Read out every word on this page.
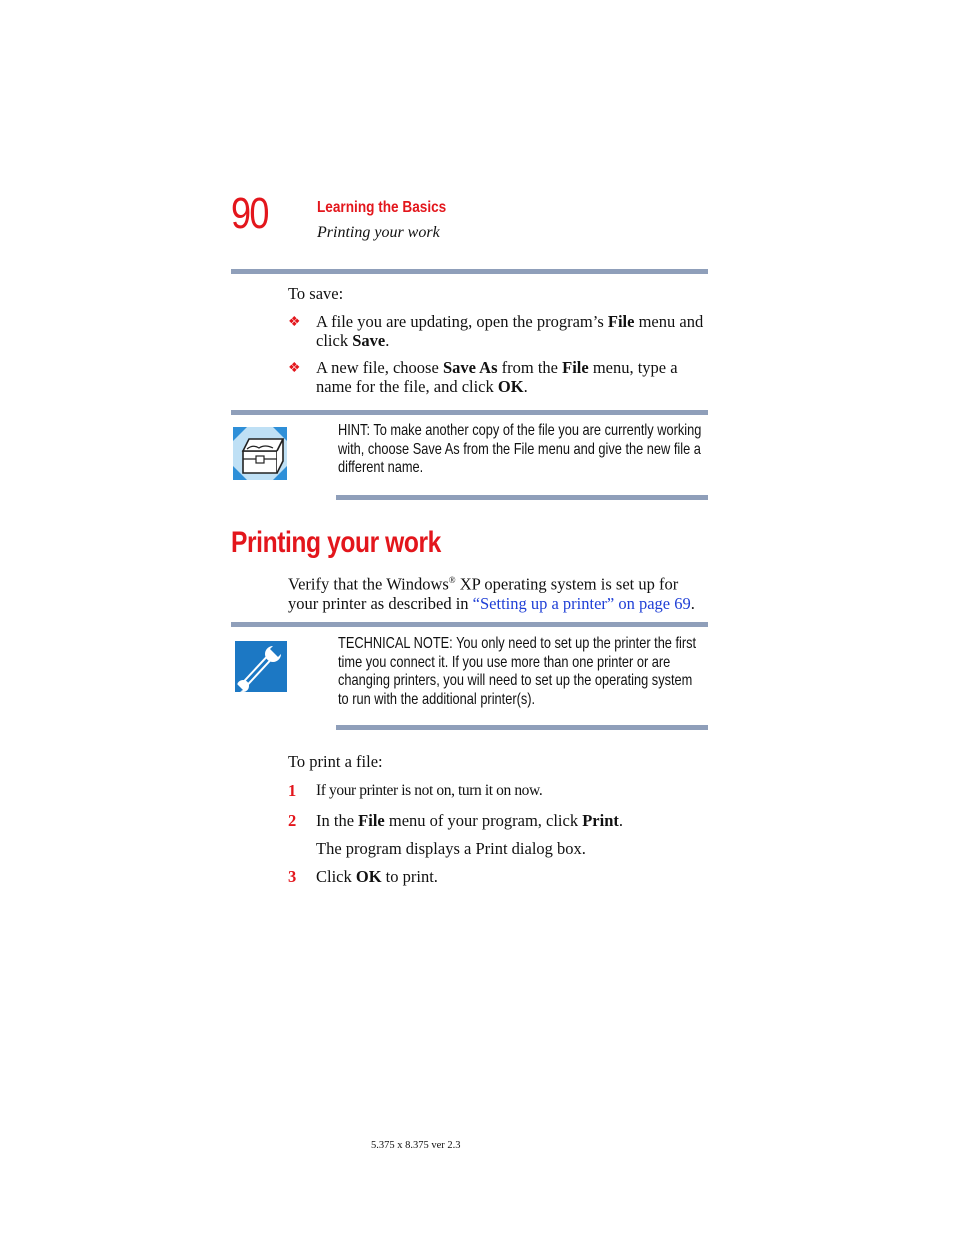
90	Learning the Basics
Printing your work
To save:
❖ A file you are updating, open the program’s File menu and click Save.
❖ A new file, choose Save As from the File menu, type a name for the file, and click OK.
HINT: To make another copy of the file you are currently working with, choose Save As from the File menu and give the new file a different name.
Printing your work
Verify that the Windows® XP operating system is set up for your printer as described in “Setting up a printer” on page 69.
TECHNICAL NOTE: You only need to set up the printer the first time you connect it. If you use more than one printer or are changing printers, you will need to set up the operating system to run with the additional printer(s).
To print a file:
1 If your printer is not on, turn it on now.
2 In the File menu of your program, click Print.
The program displays a Print dialog box.
3 Click OK to print.
5.375 x 8.375 ver 2.3
